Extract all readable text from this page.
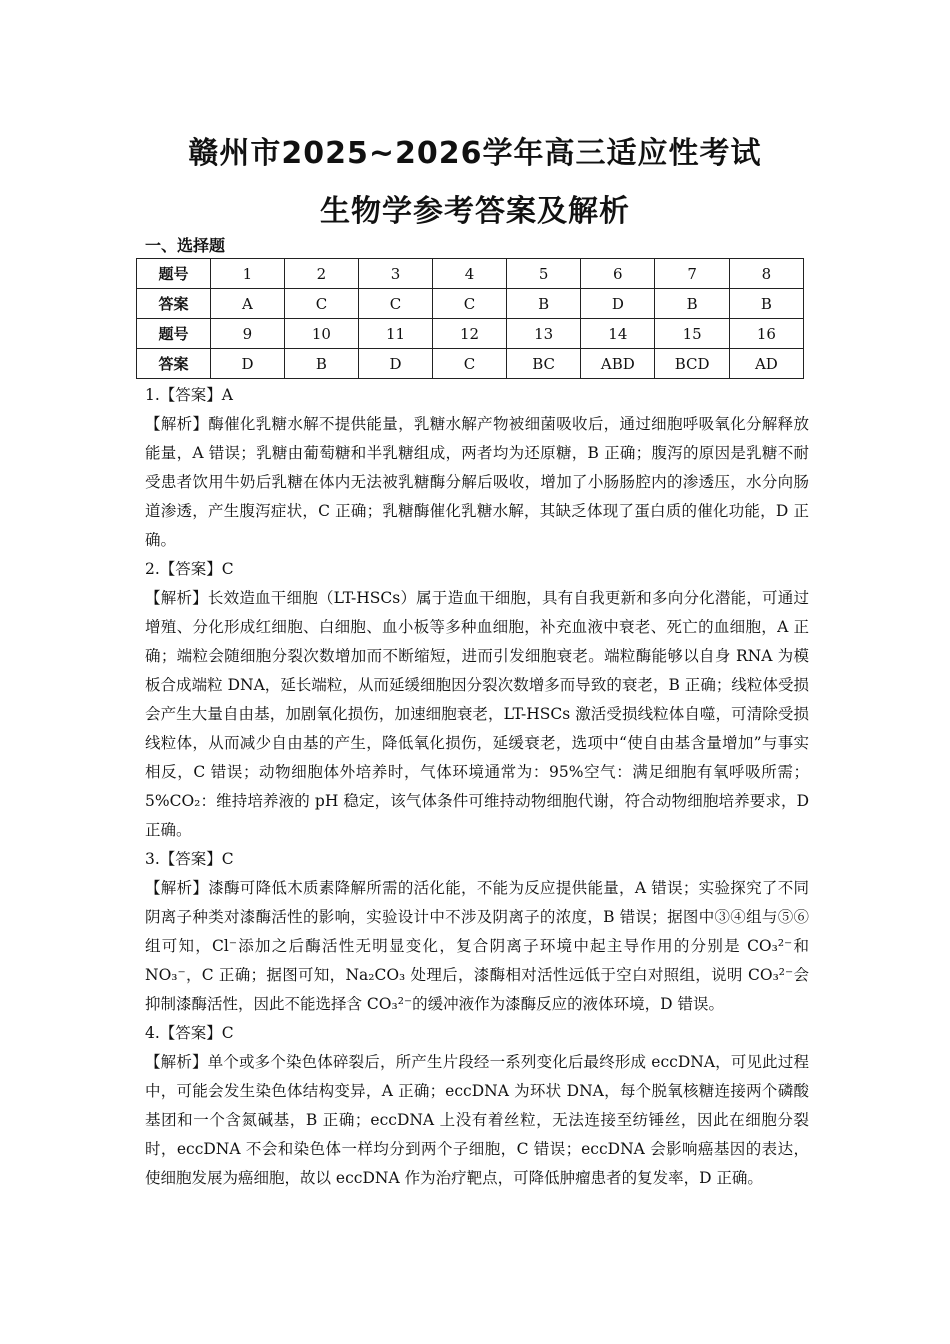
赣州市2025~2026学年高三适应性考试
生物学参考答案及解析
一、选择题
题号	1	2	3	4	5	6	7	8
答案	A	C	C	C	B	D	B	B
题号	9	10	11	12	13	14	15	16
答案	D	B	D	C	BC	ABD	BCD	AD

1.【答案】A

【解析】酶催化乳糖水解不提供能量，乳糖水解产物被细菌吸收后，通过细胞呼吸氧化分解释放能量，A 错误；乳糖由葡萄糖和半乳糖组成，两者均为还原糖，B 正确；腹泻的原因是乳糖不耐受患者饮用牛奶后乳糖在体内无法被乳糖酶分解后吸收，增加了小肠肠腔内的渗透压，水分向肠道渗透，产生腹泻症状，C 正确；乳糖酶催化乳糖水解，其缺乏体现了蛋白质的催化功能，D 正确。

2.【答案】C

【解析】长效造血干细胞（LT-HSCs）属于造血干细胞，具有自我更新和多向分化潜能，可通过增殖、分化形成红细胞、白细胞、血小板等多种血细胞，补充血液中衰老、死亡的血细胞，A 正确；端粒会随细胞分裂次数增加而不断缩短，进而引发细胞衰老。端粒酶能够以自身 RNA 为模板合成端粒 DNA，延长端粒，从而延缓细胞因分裂次数增多而导致的衰老，B 正确；线粒体受损会产生大量自由基，加剧氧化损伤，加速细胞衰老，LT-HSCs 激活受损线粒体自噬，可清除受损线粒体，从而减少自由基的产生，降低氧化损伤，延缓衰老，选项中“使自由基含量增加”与事实相反，C 错误；动物细胞体外培养时，气体环境通常为：95%空气：满足细胞有氧呼吸所需；5%CO₂：维持培养液的 pH 稳定，该气体条件可维持动物细胞代谢，符合动物细胞培养要求，D 正确。

3.【答案】C

【解析】漆酶可降低木质素降解所需的活化能，不能为反应提供能量，A 错误；实验探究了不同阴离子种类对漆酶活性的影响，实验设计中不涉及阴离子的浓度，B 错误；据图中③④组与⑤⑥组可知，Cl⁻添加之后酶活性无明显变化，复合阴离子环境中起主导作用的分别是 CO₃²⁻和 NO₃⁻，C 正确；据图可知，Na₂CO₃ 处理后，漆酶相对活性远低于空白对照组，说明 CO₃²⁻会抑制漆酶活性，因此不能选择含 CO₃²⁻的缓冲液作为漆酶反应的液体环境，D 错误。

4.【答案】C

【解析】单个或多个染色体碎裂后，所产生片段经一系列变化后最终形成 eccDNA，可见此过程中，可能会发生染色体结构变异，A 正确；eccDNA 为环状 DNA，每个脱氧核糖连接两个磷酸基团和一个含氮碱基，B 正确；eccDNA 上没有着丝粒，无法连接至纺锤丝，因此在细胞分裂时，eccDNA 不会和染色体一样均分到两个子细胞，C 错误；eccDNA 会影响癌基因的表达，使细胞发展为癌细胞，故以 eccDNA 作为治疗靶点，可降低肿瘤患者的复发率，D 正确。
